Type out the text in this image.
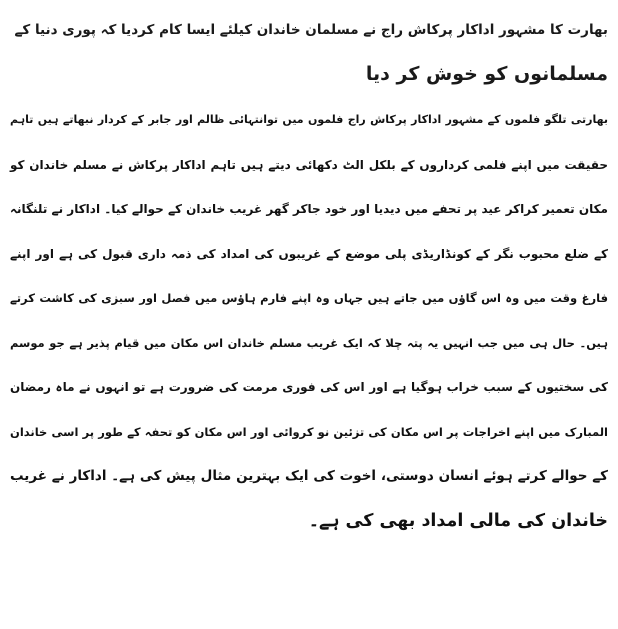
بھارت کا مشہور اداکار پرکاش راج نے مسلمان خاندان کیلئے ایسا کام کردیا کہ پوری دنیا کے
مسلمانوں کو خوش کر دیا
بھارتی تلگو فلموں کے مشہور اداکار پرکاش راج فلموں میں توانتہائی ظالم اور جابر کے کردار نبھاتے ہیں تاہم
حقیقت میں اپنے فلمی کرداروں کے بلکل الٹ دکھائی دیتے ہیں تاہم اداکار پرکاش نے مسلم خاندان کو
مکان تعمیر کراکر عید پر تحفے میں دیدیا اور خود جاکر گھر غریب خاندان کے حوالے کیا۔ اداکار نے تلنگانہ
کے ضلع محبوب نگر کے کونڈاریڈی پلی موضع کے غریبوں کی امداد کی ذمہ داری قبول کی ہے اور اپنے
فارغ وقت میں وہ اس گاؤں میں جاتے ہیں جہاں وہ اپنے فارم ہاؤس میں فصل اور سبزی کی کاشت کرتے
ہیں۔ حال ہی میں جب انہیں یہ پتہ چلا کہ ایک غریب مسلم خاندان اس مکان میں قیام پذیر ہے جو موسم
کی سختیوں کے سبب خراب ہوگیا ہے اور اس کی فوری مرمت کی ضرورت ہے تو انہوں نے ماہ رمضان
المبارک میں اپنے اخراجات پر اس مکان کی تزئین نو کروائی اور اس مکان کو تحفہ کے طور پر اسی خاندان
کے حوالے کرتے ہوئے انسان دوستی، اخوت کی ایک بہترین مثال پیش کی ہے۔ اداکار نے غریب
خاندان کی مالی امداد بھی کی ہے۔
